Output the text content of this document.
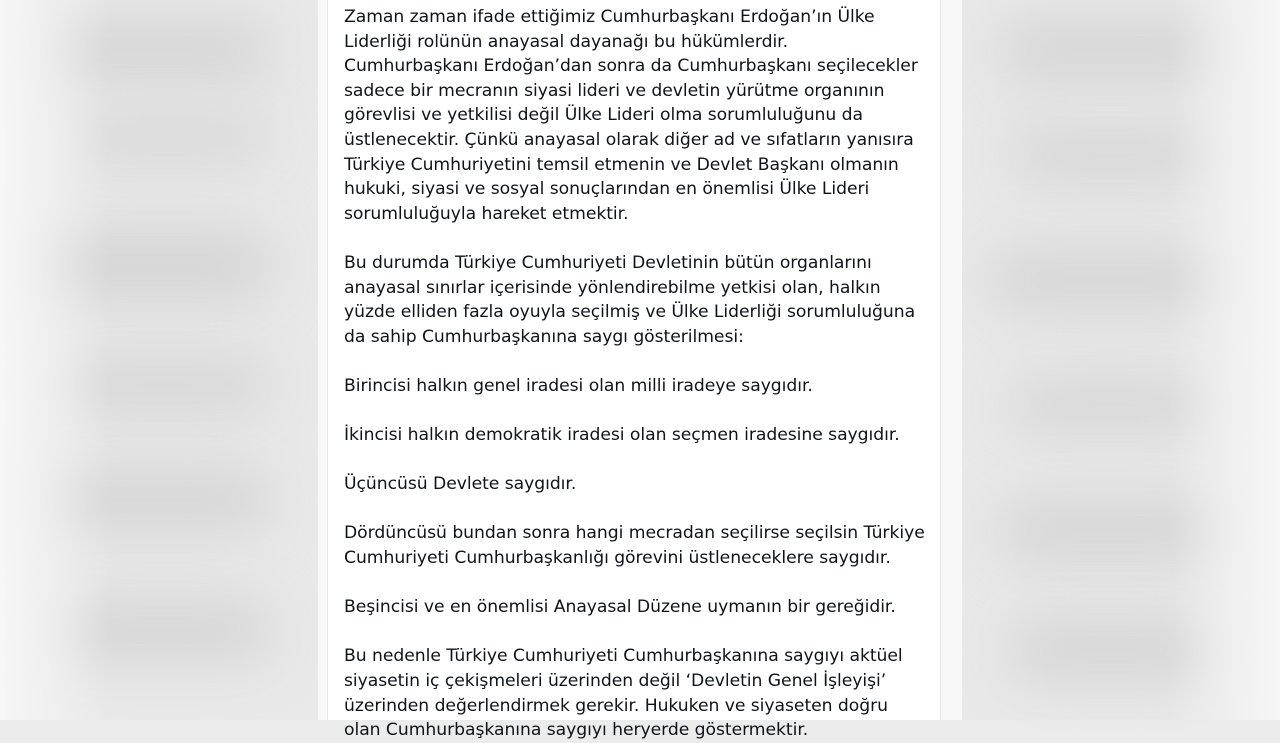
Zaman zaman ifade ettiğimiz Cumhurbaşkanı Erdoğan’ın Ülke Liderliği rolünün anayasal dayanağı bu hükümlerdir. Cumhurbaşkanı Erdoğan’dan sonra da Cumhurbaşkanı seçilecekler sadece bir mecranın siyasi lideri ve devletin yürütme organının görevlisi ve yetkilisi değil Ülke Lideri olma sorumluluğunu da üstlenecektir. Çünkü anayasal olarak diğer ad ve sıfatların yanısıra Türkiye Cumhuriyetini temsil etmenin ve Devlet Başkanı olmanın hukuki, siyasi ve sosyal sonuçlarından en önemlisi Ülke Lideri sorumluluğuyla hareket etmektir.

Bu durumda Türkiye Cumhuriyeti Devletinin bütün organlarını anayasal sınırlar içerisinde yönlendirebilme yetkisi olan, halkın yüzde elliden fazla oyuyla seçilmiş ve Ülke Liderliği sorumluluğuna da sahip Cumhurbaşkanına saygı gösterilmesi:

Birincisi halkın genel iradesi olan milli iradeye saygıdır.

İkincisi halkın demokratik iradesi olan seçmen iradesine saygıdır.

Üçüncüsü Devlete saygıdır.

Dördüncüsü bundan sonra hangi mecradan seçilirse seçilsin Türkiye Cumhuriyeti Cumhurbaşkanlığı görevini üstleneceklere saygıdır.

Beşincisi ve en önemlisi Anayasal Düzene uymanın bir gereğidir.

Bu nedenle Türkiye Cumhuriyeti Cumhurbaşkanına saygıyı aktüel siyasetin iç çekişmeleri üzerinden değil ‘Devletin Genel İşleyişi’ üzerinden değerlendirmek gerekir. Hukuken ve siyaseten doğru olan Cumhurbaşkanına saygıyı heryerde göstermektir.
